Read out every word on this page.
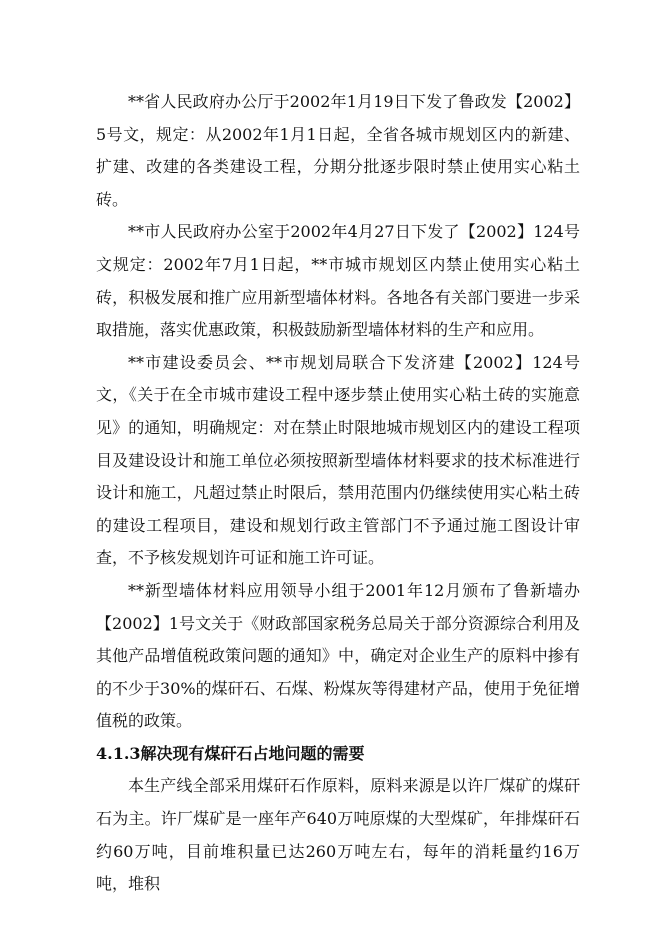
**省人民政府办公厅于2002年1月19日下发了鲁政发【2002】5号文，规定：从2002年1月1日起，全省各城市规划区内的新建、扩建、改建的各类建设工程，分期分批逐步限时禁止使用实心粘土砖。

**市人民政府办公室于2002年4月27日下发了【2002】124号文规定：2002年7月1日起，**市城市规划区内禁止使用实心粘土砖，积极发展和推广应用新型墙体材料。各地各有关部门要进一步采取措施，落实优惠政策，积极鼓励新型墙体材料的生产和应用。

**市建设委员会、**市规划局联合下发济建【2002】124号文，《关于在全市城市建设工程中逐步禁止使用实心粘土砖的实施意见》的通知，明确规定：对在禁止时限地城市规划区内的建设工程项目及建设设计和施工单位必须按照新型墙体材料要求的技术标准进行设计和施工，凡超过禁止时限后，禁用范围内仍继续使用实心粘土砖的建设工程项目，建设和规划行政主管部门不予通过施工图设计审查，不予核发规划许可证和施工许可证。

**新型墙体材料应用领导小组于2001年12月颁布了鲁新墙办【2002】1号文关于《财政部国家税务总局关于部分资源综合利用及其他产品增值税政策问题的通知》中，确定对企业生产的原料中掺有的不少于30%的煤矸石、石煤、粉煤灰等得建材产品，使用于免征增值税的政策。

4.1.3解决现有煤矸石占地问题的需要

本生产线全部采用煤矸石作原料，原料来源是以许厂煤矿的煤矸石为主。许厂煤矿是一座年产640万吨原煤的大型煤矿，年排煤矸石约60万吨，目前堆积量已达260万吨左右，每年的消耗量约16万吨，堆积
